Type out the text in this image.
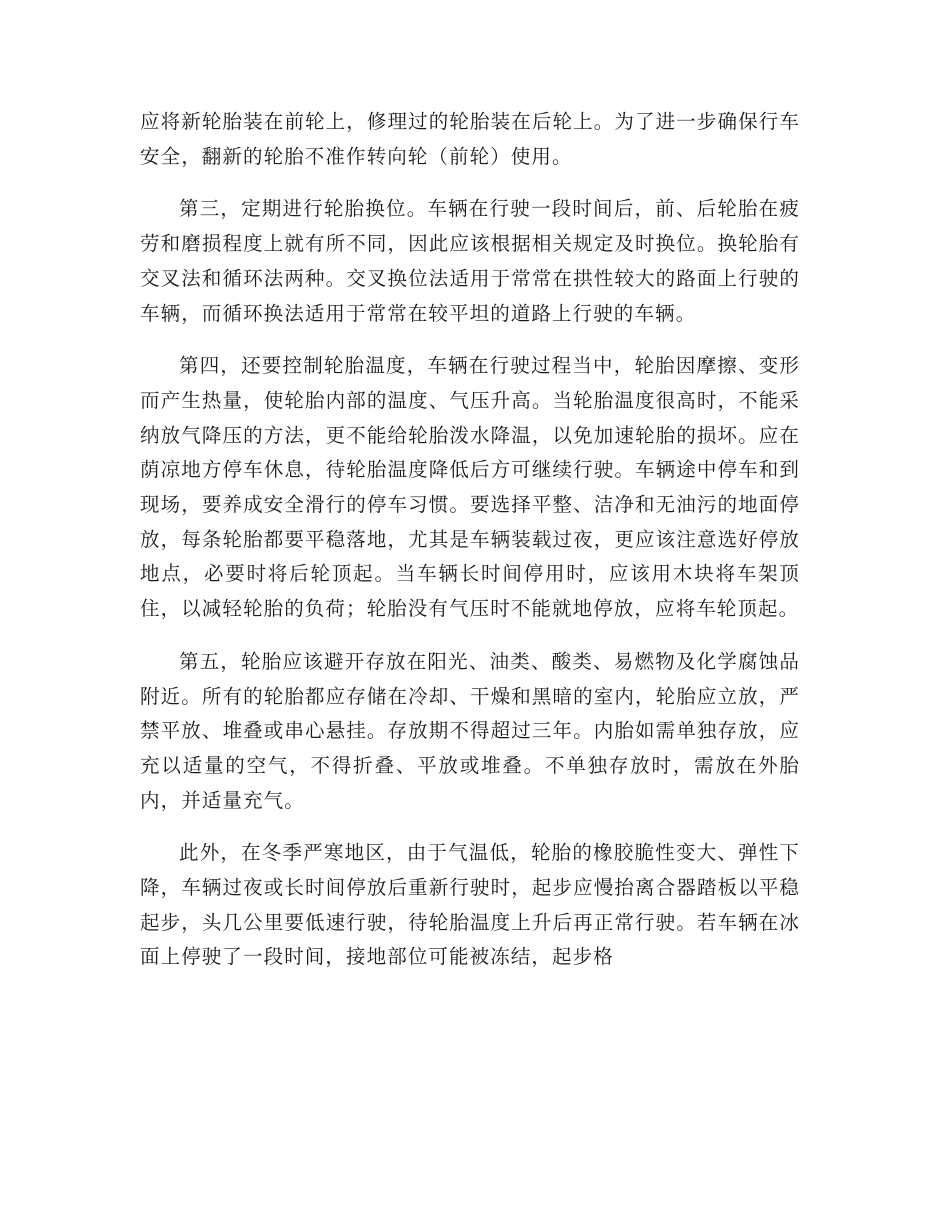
应将新轮胎装在前轮上，修理过的轮胎装在后轮上。为了进一步确保行车安全，翻新的轮胎不准作转向轮（前轮）使用。

第三，定期进行轮胎换位。车辆在行驶一段时间后，前、后轮胎在疲劳和磨损程度上就有所不同，因此应该根据相关规定及时换位。换轮胎有交叉法和循环法两种。交叉换位法适用于常常在拱性较大的路面上行驶的车辆，而循环换法适用于常常在较平坦的道路上行驶的车辆。

第四，还要控制轮胎温度，车辆在行驶过程当中，轮胎因摩擦、变形而产生热量，使轮胎内部的温度、气压升高。当轮胎温度很高时，不能采纳放气降压的方法，更不能给轮胎泼水降温，以免加速轮胎的损坏。应在荫凉地方停车休息，待轮胎温度降低后方可继续行驶。车辆途中停车和到现场，要养成安全滑行的停车习惯。要选择平整、洁净和无油污的地面停放，每条轮胎都要平稳落地，尤其是车辆装载过夜，更应该注意选好停放地点，必要时将后轮顶起。当车辆长时间停用时，应该用木块将车架顶住，以减轻轮胎的负荷；轮胎没有气压时不能就地停放，应将车轮顶起。

第五，轮胎应该避开存放在阳光、油类、酸类、易燃物及化学腐蚀品附近。所有的轮胎都应存储在冷却、干燥和黑暗的室内，轮胎应立放，严禁平放、堆叠或串心悬挂。存放期不得超过三年。内胎如需单独存放，应充以适量的空气，不得折叠、平放或堆叠。不单独存放时，需放在外胎内，并适量充气。

此外，在冬季严寒地区，由于气温低，轮胎的橡胶脆性变大、弹性下降，车辆过夜或长时间停放后重新行驶时，起步应慢抬离合器踏板以平稳起步，头几公里要低速行驶，待轮胎温度上升后再正常行驶。若车辆在冰面上停驶了一段时间，接地部位可能被冻结，起步格
